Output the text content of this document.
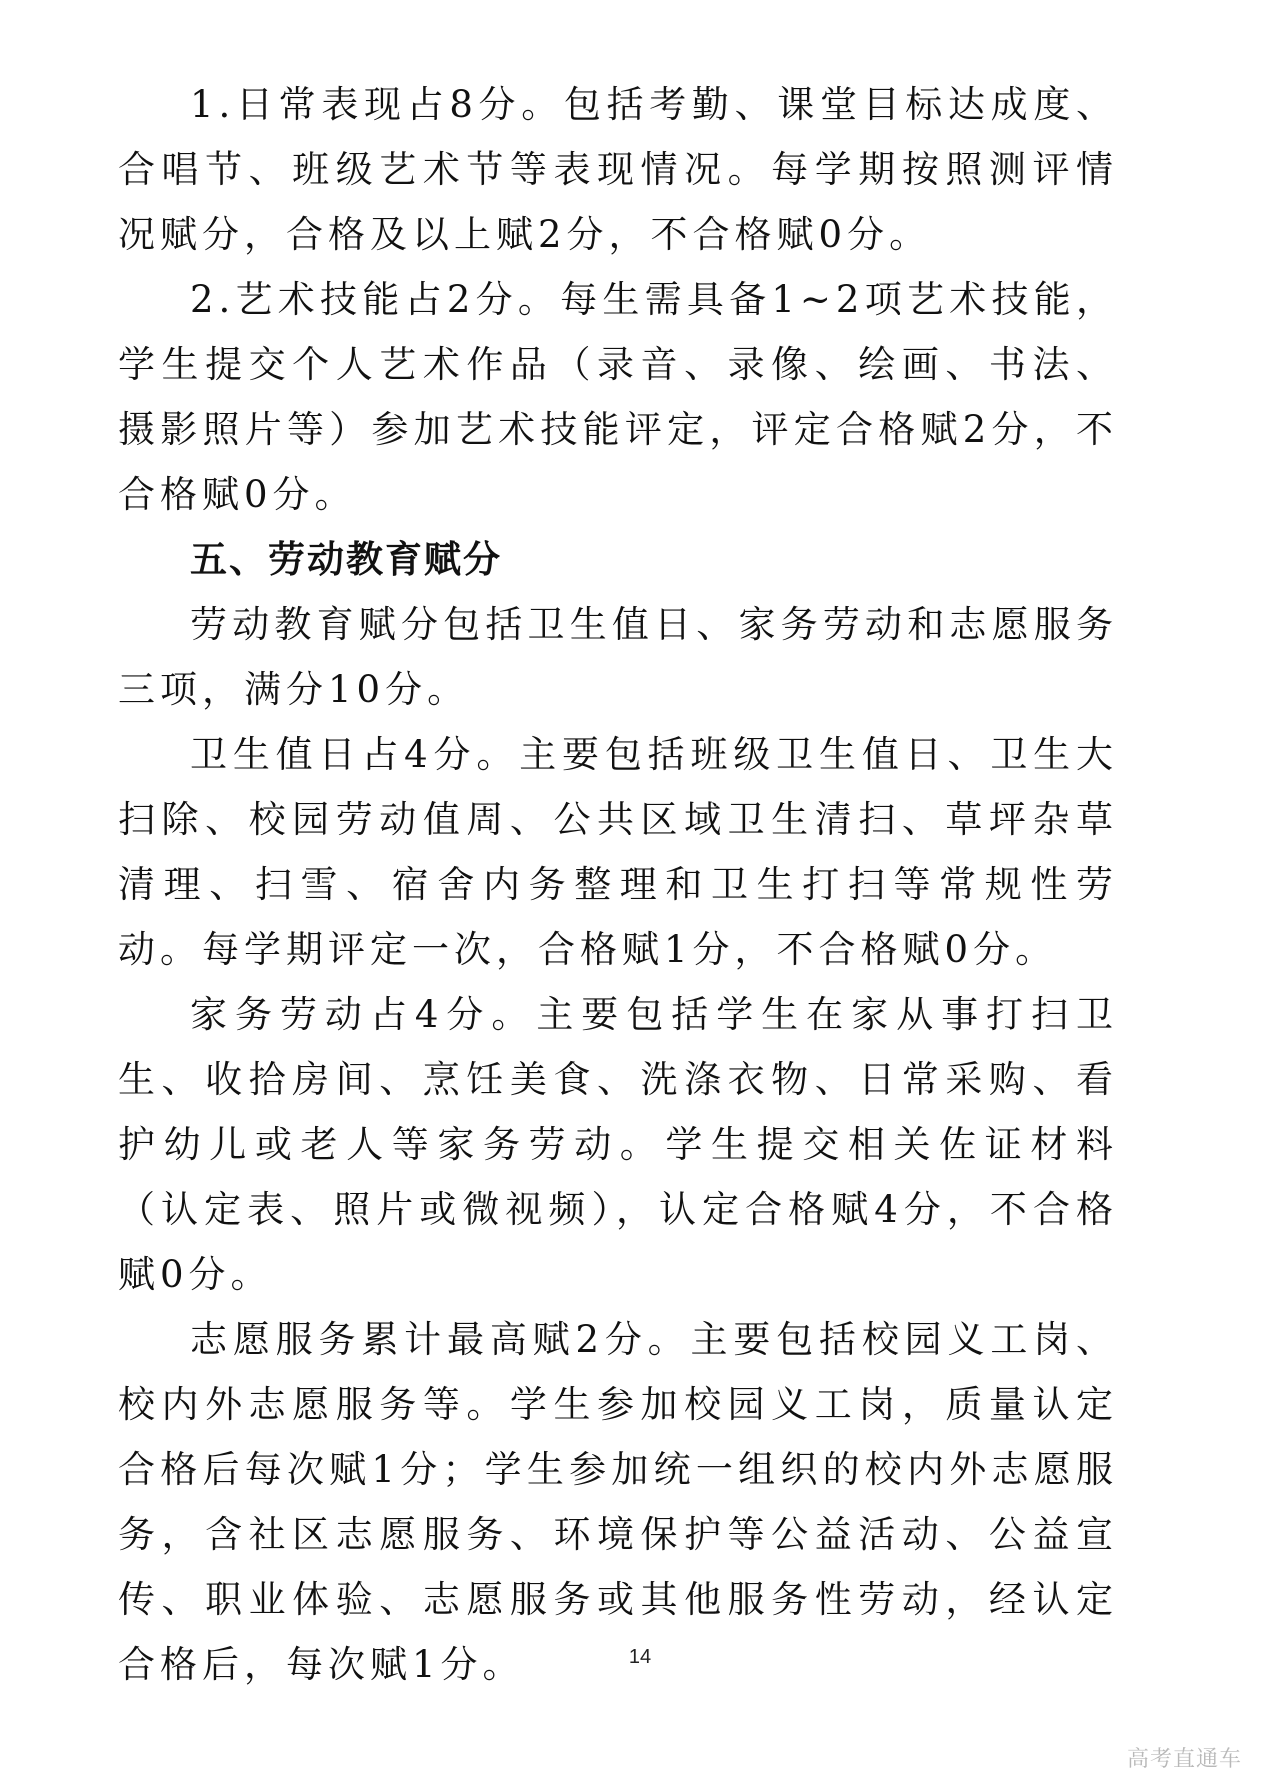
1.日常表现占8分。包括考勤、课堂目标达成度、合唱节、班级艺术节等表现情况。每学期按照测评情况赋分，合格及以上赋2分，不合格赋0分。

2.艺术技能占2分。每生需具备1~2项艺术技能，学生提交个人艺术作品（录音、录像、绘画、书法、摄影照片等）参加艺术技能评定，评定合格赋2分，不合格赋0分。

五、劳动教育赋分

劳动教育赋分包括卫生值日、家务劳动和志愿服务三项，满分10分。

卫生值日占4分。主要包括班级卫生值日、卫生大扫除、校园劳动值周、公共区域卫生清扫、草坪杂草清理、扫雪、宿舍内务整理和卫生打扫等常规性劳动。每学期评定一次，合格赋1分，不合格赋0分。

家务劳动占4分。主要包括学生在家从事打扫卫生、收拾房间、烹饪美食、洗涤衣物、日常采购、看护幼儿或老人等家务劳动。学生提交相关佐证材料（认定表、照片或微视频），认定合格赋4分，不合格赋0分。

志愿服务累计最高赋2分。主要包括校园义工岗、校内外志愿服务等。学生参加校园义工岗，质量认定合格后每次赋1分；学生参加统一组织的校内外志愿服务，含社区志愿服务、环境保护等公益活动、公益宣传、职业体验、志愿服务或其他服务性劳动，经认定合格后，每次赋1分。	14
高考直通车
